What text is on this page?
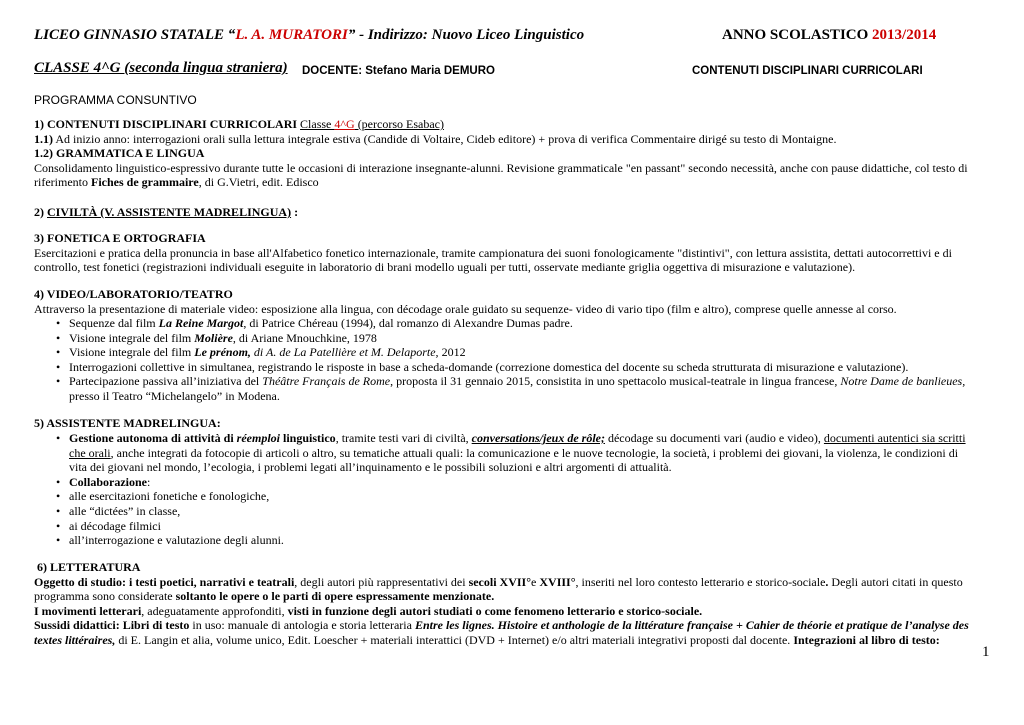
LICEO GINNASIO STATALE “L. A. MURATORI” - Indirizzo: Nuovo Liceo Linguistico	ANNO SCOLASTICO 2013/2014
CLASSE 4^G (seconda lingua straniera) DOCENTE: Stefano Maria DEMURO	CONTENUTI DISCIPLINARI CURRICOLARI
PROGRAMMA CONSUNTIVO
1) CONTENUTI DISCIPLINARI CURRICOLARI Classe 4^G (percorso Esabac)
1.1) Ad inizio anno: interrogazioni orali sulla lettura integrale estiva (Candide di Voltaire, Cideb editore) + prova di verifica Commentaire dirigé su testo di Montaigne.
1.2) GRAMMATICA E LINGUA
Consolidamento linguistico-espressivo durante tutte le occasioni di interazione insegnante-alunni. Revisione grammaticale "en passant" secondo necessità, anche con pause didattiche, col testo di
riferimento Fiches de grammaire, di G.Vietri, edit. Edisco
2) CIVILTÀ (V. ASSISTENTE MADRELINGUA) :
3) FONETICA E ORTOGRAFIA
Esercitazioni e pratica della pronuncia in base all'Alfabetico fonetico internazionale, tramite campionatura dei suoni fonologicamente "distintivi", con lettura assistita, dettati autocorrettivi e di
controllo, test fonetici (registrazioni individuali eseguite in laboratorio di brani modello uguali per tutti, osservate mediante griglia oggettiva di misurazione e valutazione).
4) VIDEO/LABORATORIO/TEATRO
Attraverso la presentazione di materiale video: esposizione alla lingua, con décodage orale guidato su sequenze- video di vario tipo (film e altro), comprese quelle annesse al corso.
• Sequenze dal film La Reine Margot, di Patrice Chéreau (1994), dal romanzo di Alexandre Dumas padre.
• Visione integrale del film Molière, di Ariane Mnouchkine, 1978
• Visione integrale del film Le prénom, di A. de La Patellière et M. Delaporte, 2012
• Interrogazioni collettive in simultanea, registrando le risposte in base a scheda-domande (correzione domestica del docente su scheda strutturata di misurazione e valutazione).
• Partecipazione passiva all’iniziativa del Théâtre Français de Rome, proposta il 31 gennaio 2015, consistita in uno spettacolo musical-teatrale in lingua francese, Notre Dame de banlieues,
presso il Teatro “Michelangelo” in Modena.
5) ASSISTENTE MADRELINGUA:
• Gestione autonoma di attività di réemploi linguistico, tramite testi vari di civiltà, conversations/jeux de rôle; décodage su documenti vari (audio e video), documenti autentici sia scritti
che orali, anche integrati da fotocopie di articoli o altro, su tematiche attuali quali: la comunicazione e le nuove tecnologie, la società, i problemi dei giovani, la violenza, le condizioni di
vita dei giovani nel mondo, l’ecologia, i problemi legati all’inquinamento e le possibili soluzioni e altri argomenti di attualità.
• Collaborazione:
• alle esercitazioni fonetiche e fonologiche,
• alle “dictées” in classe,
• ai décodage filmici
• all’interrogazione e valutazione degli alunni.
6) LETTERATURA
Oggetto di studio: i testi poetici, narrativi e teatrali, degli autori più rappresentativi dei secoli XVII°e XVIII°, inseriti nel loro contesto letterario e storico-sociale. Degli autori citati in questo
programma sono considerate soltanto le opere o le parti di opere espressamente menzionate.
I movimenti letterari, adeguatamente approfonditi, visti in funzione degli autori studiati o come fenomeno letterario e storico-sociale.
Sussidi didattici: Libri di testo in uso: manuale di antologia e storia letteraria Entre les lignes. Histoire et anthologie de la littérature française + Cahier de théorie et pratique de l’analyse des
textes littéraires, di E. Langin et alia, volume unico, Edit. Loescher + materiali interattici (DVD + Internet) e/o altri materiali integrativi proposti dal docente. Integrazioni al libro di testo:
1
